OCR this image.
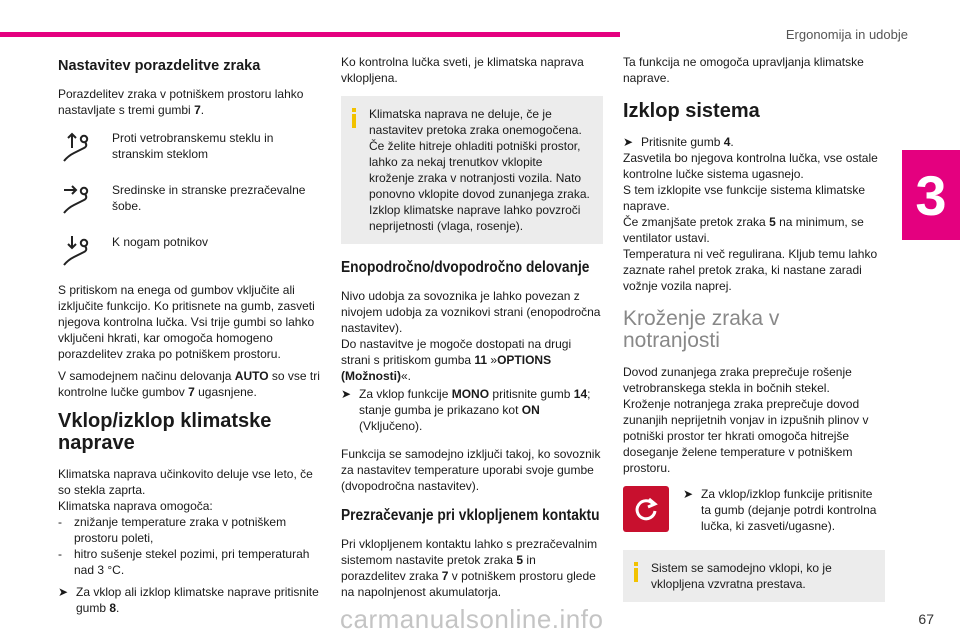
Ergonomija in udobje
3
67
carmanualsonline.info
Nastavitev porazdelitve zraka

Porazdelitev zraka v potniškem prostoru lahko nastavljate s tremi gumbi 7.

Proti vetrobranskemu steklu in stranskim steklom
Sredinske in stranske prezračevalne šobe.
K nogam potnikov

S pritiskom na enega od gumbov vključite ali izključite funkcijo. Ko pritisnete na gumb, zasveti njegova kontrolna lučka. Vsi trije gumbi so lahko vključeni hkrati, kar omogoča homogeno porazdelitev zraka po potniškem prostoru.

V samodejnem načinu delovanja AUTO so vse tri kontrolne lučke gumbov 7 ugasnjene.

Vklop/izklop klimatske naprave

Klimatska naprava učinkovito deluje vse leto, če so stekla zaprta.

Klimatska naprava omogoča:

-	znižanje temperature zraka v potniškem prostoru poleti,
-	hitro sušenje stekel pozimi, pri temperaturah nad 3 °C.
➤ Za vklop ali izklop klimatske naprave pritisnite gumb 8.

Ko kontrolna lučka sveti, je klimatska naprava vklopljena.

Klimatska naprava ne deluje, če je nastavitev pretoka zraka onemogočena. Če želite hitreje ohladiti potniški prostor, lahko za nekaj trenutkov vklopite kroženje zraka v notranjosti vozila. Nato ponovno vklopite dovod zunanjega zraka. Izklop klimatske naprave lahko povzroči neprijetnosti (vlaga, rosenje).
Enopodročno/dvopodročno delovanje

Nivo udobja za sovoznika je lahko povezan z nivojem udobja za voznikovi strani (enopodročna nastavitev).

Do nastavitve je mogoče dostopati na drugi strani s pritiskom gumba 11 »OPTIONS (Možnosti)«.

➤ Za vklop funkcije MONO pritisnite gumb 14; stanje gumba je prikazano kot ON (Vključeno).

Funkcija se samodejno izključi takoj, ko sovoznik za nastavitev temperature uporabi svoje gumbe (dvopodročna nastavitev).

Prezračevanje pri vklopljenem kontaktu

Pri vklopljenem kontaktu lahko s prezračevalnim sistemom nastavite pretok zraka 5 in porazdelitev zraka 7 v potniškem prostoru glede na napolnjenost akumulatorja.

Ta funkcija ne omogoča upravljanja klimatske naprave.

Izklop sistema
➤ Pritisnite gumb 4.

Zasvetila bo njegova kontrolna lučka, vse ostale kontrolne lučke sistema ugasnejo.

S tem izklopite vse funkcije sistema klimatske naprave.

Če zmanjšate pretok zraka 5 na minimum, se ventilator ustavi.

Temperatura ni več regulirana. Kljub temu lahko zaznate rahel pretok zraka, ki nastane zaradi vožnje vozila naprej.

Kroženje zraka v notranjosti

Dovod zunanjega zraka preprečuje rošenje vetrobranskega stekla in bočnih stekel.

Kroženje notranjega zraka preprečuje dovod zunanjih neprijetnih vonjav in izpušnih plinov v potniški prostor ter hkrati omogoča hitrejše doseganje želene temperature v potniškem prostoru.

➤ Za vklop/izklop funkcije pritisnite ta gumb (dejanje potrdi kontrolna lučka, ki zasveti/ugasne).
Sistem se samodejno vklopi, ko je vklopljena vzvratna prestava.
